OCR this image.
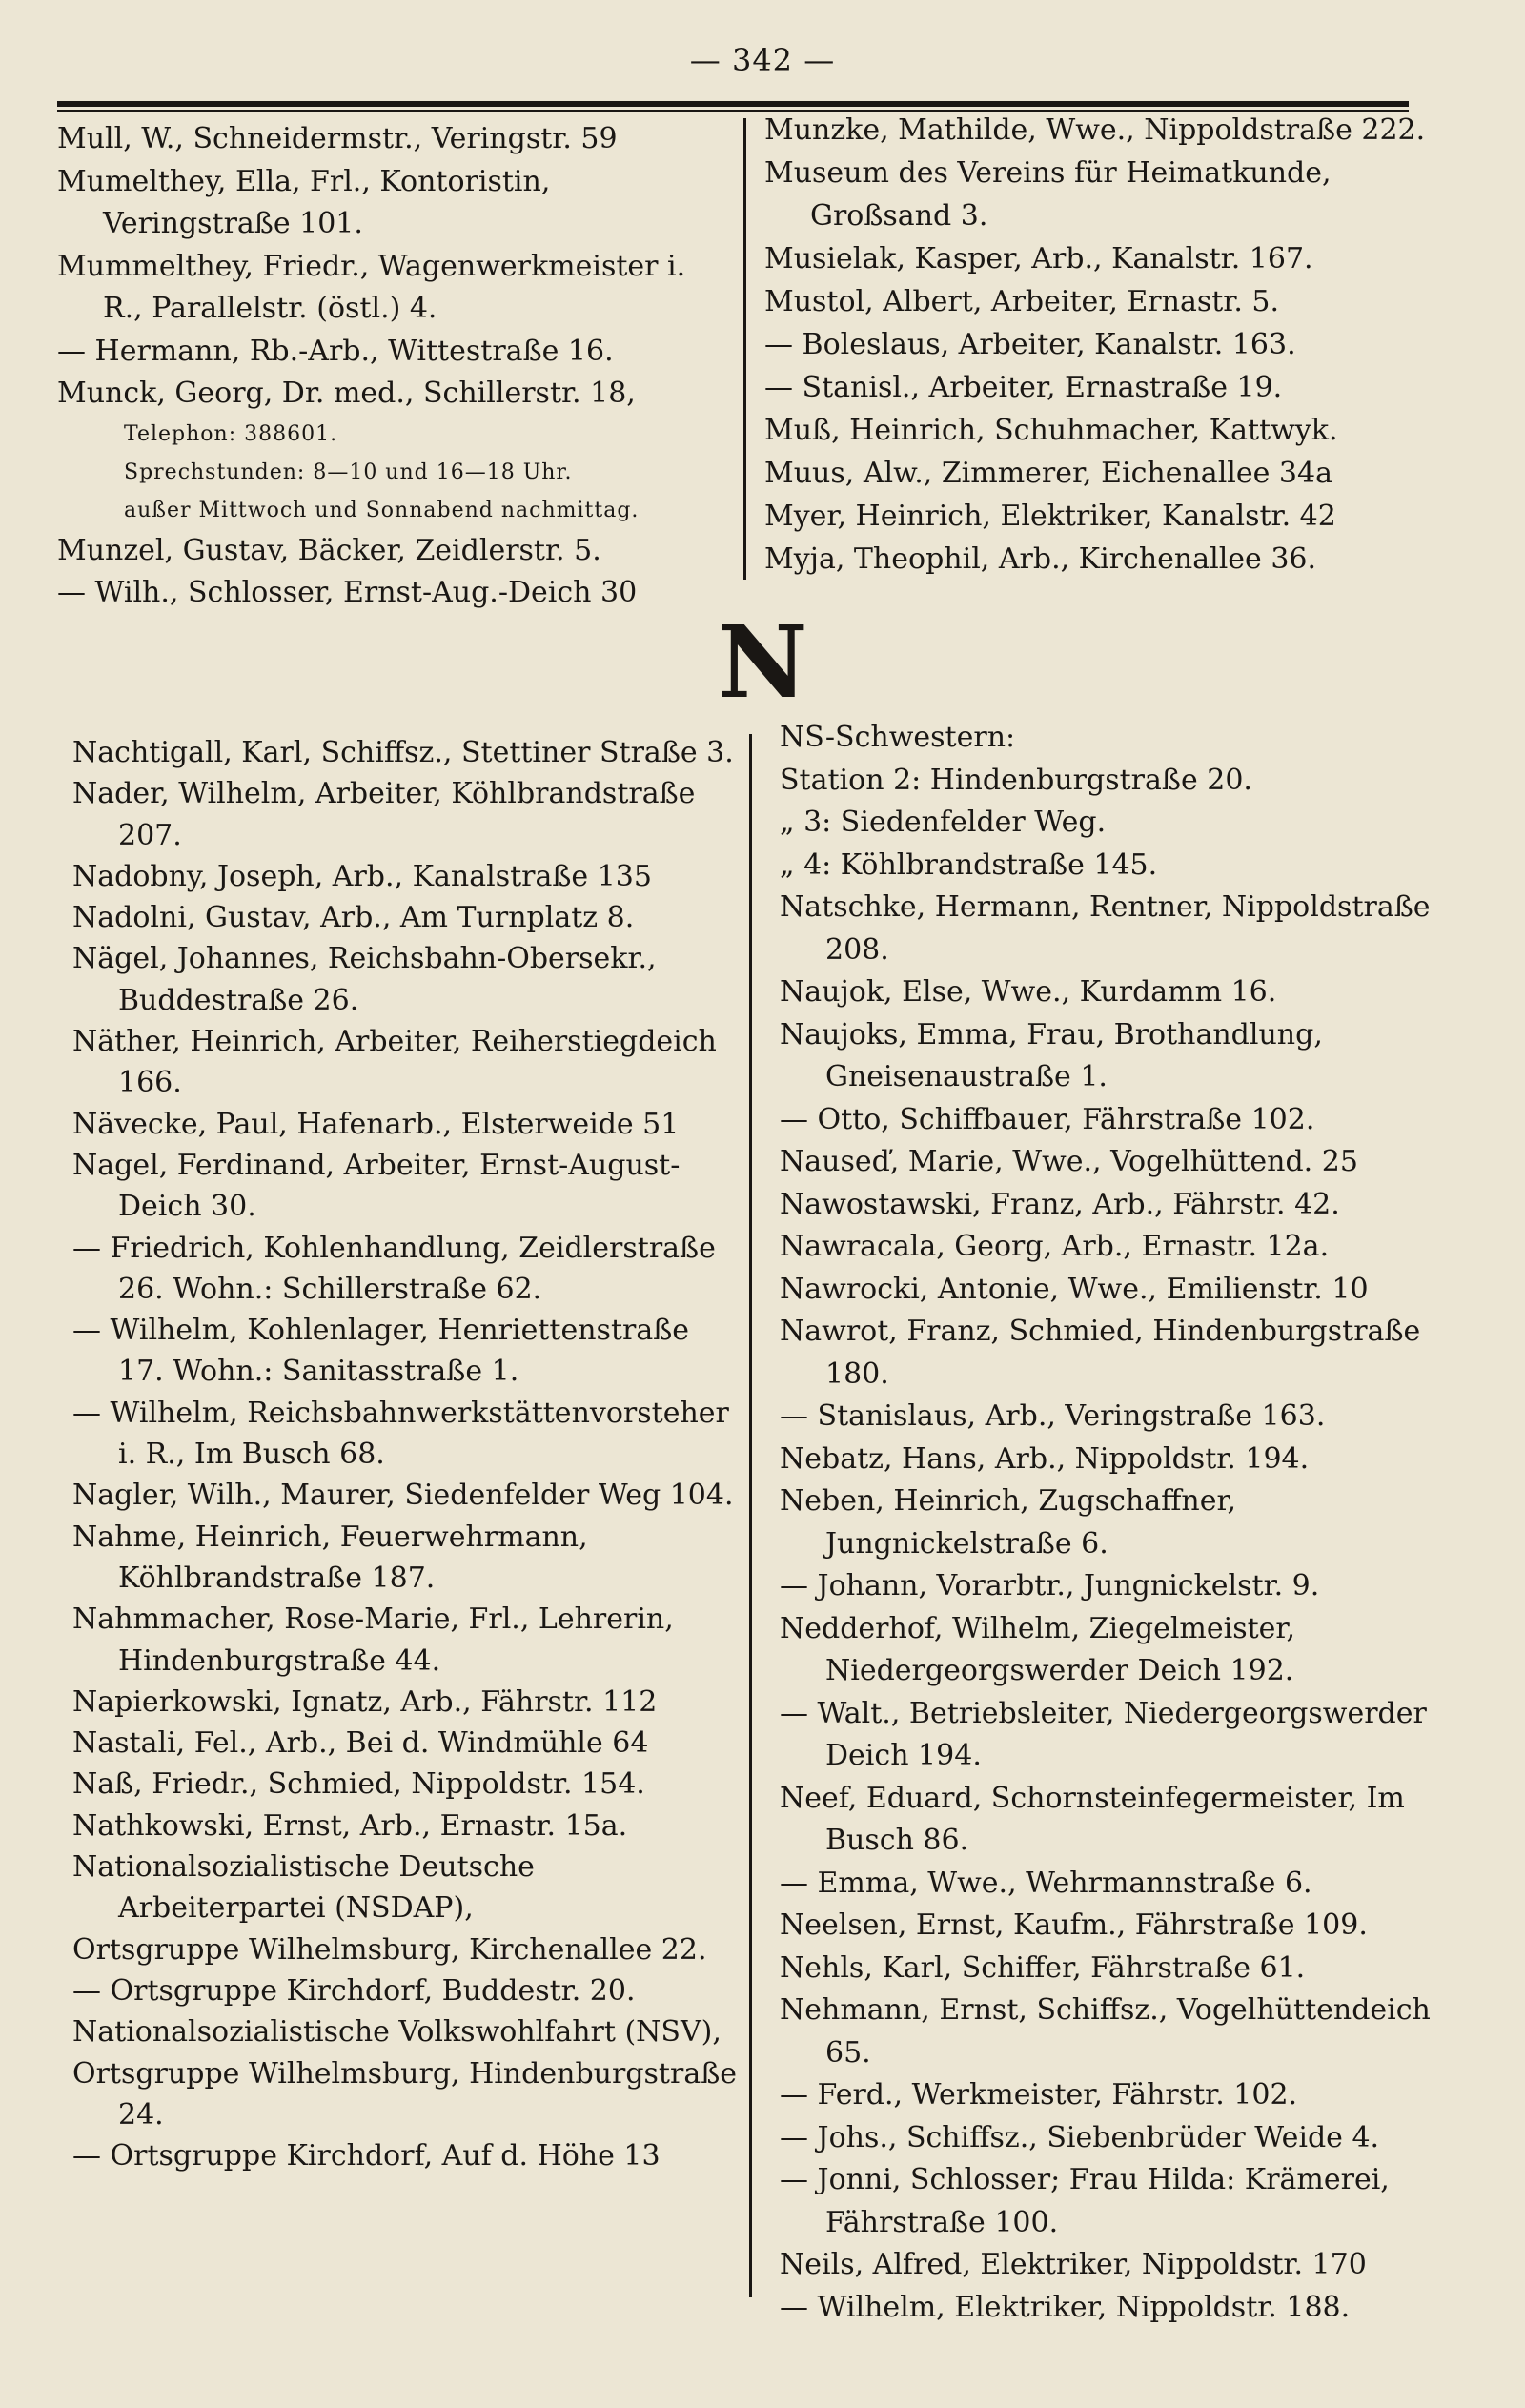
— 342 —
Mull, W., Schneidermstr., Veringstr. 59
Mumelthey, Ella, Frl., Kontoristin, Veringstraße 101.
Mummelthey, Friedr., Wagenwerkmeister i. R., Parallelstr. (östl.) 4.
— Hermann, Rb.-Arb., Wittestraße 16.
Munck, Georg, Dr. med., Schillerstr. 18,
Telephon: 388601.
Sprechstunden: 8—10 und 16—18 Uhr.
außer Mittwoch und Sonnabend nachmittag.
Munzel, Gustav, Bäcker, Zeidlerstr. 5.
— Wilh., Schlosser, Ernst-Aug.-Deich 30
Munzke, Mathilde, Wwe., Nippoldstraße 222.
Museum des Vereins für Heimatkunde, Großsand 3.
Musielak, Kasper, Arb., Kanalstr. 167.
Mustol, Albert, Arbeiter, Ernastr. 5.
— Boleslaus, Arbeiter, Kanalstr. 163.
— Stanisl., Arbeiter, Ernastraße 19.
Muß, Heinrich, Schuhmacher, Kattwyk.
Muus, Alw., Zimmerer, Eichenallee 34a
Myer, Heinrich, Elektriker, Kanalstr. 42
Myja, Theophil, Arb., Kirchenallee 36.
N
Nachtigall, Karl, Schiffsz., Stettiner Straße 3.
Nader, Wilhelm, Arbeiter, Köhlbrandstraße 207.
Nadobny, Joseph, Arb., Kanalstraße 135
Nadolni, Gustav, Arb., Am Turnplatz 8.
Nägel, Johannes, Reichsbahn-Obersekr., Buddestraße 26.
Näther, Heinrich, Arbeiter, Reiherstiegdeich 166.
Nävecke, Paul, Hafenarb., Elsterweide 51
Nagel, Ferdinand, Arbeiter, Ernst-August-Deich 30.
— Friedrich, Kohlenhandlung, Zeidlerstraße 26. Wohn.: Schillerstraße 62.
— Wilhelm, Kohlenlager, Henriettenstraße 17. Wohn.: Sanitasstraße 1.
— Wilhelm, Reichsbahnwerkstättenvorsteher i. R., Im Busch 68.
Nagler, Wilh., Maurer, Siedenfelder Weg 104.
Nahme, Heinrich, Feuerwehrmann, Köhlbrandstraße 187.
Nahmmacher, Rose-Marie, Frl., Lehrerin, Hindenburgstraße 44.
Napierkowski, Ignatz, Arb., Fährstr. 112
Nastali, Fel., Arb., Bei d. Windmühle 64
Naß, Friedr., Schmied, Nippoldstr. 154.
Nathkowski, Ernst, Arb., Ernastr. 15a.
Nationalsozialistische Deutsche Arbeiterpartei (NSDAP),
Ortsgruppe Wilhelmsburg, Kirchenallee 22.
— Ortsgruppe Kirchdorf, Buddestr. 20.
Nationalsozialistische Volkswohlfahrt (NSV),
Ortsgruppe Wilhelmsburg, Hindenburgstraße 24.
— Ortsgruppe Kirchdorf, Auf d. Höhe 13
NS-Schwestern:
Station 2: Hindenburgstraße 20.
„ 3: Siedenfelder Weg.
„ 4: Köhlbrandstraße 145.
Natschke, Hermann, Rentner, Nippoldstraße 208.
Naujok, Else, Wwe., Kurdamm 16.
Naujoks, Emma, Frau, Brothandlung, Gneisenaustraße 1.
— Otto, Schiffbauer, Fährstraße 102.
Nauseď, Marie, Wwe., Vogelhüttend. 25
Nawostawski, Franz, Arb., Fährstr. 42.
Nawracala, Georg, Arb., Ernastr. 12a.
Nawrocki, Antonie, Wwe., Emilienstr. 10
Nawrot, Franz, Schmied, Hindenburgstraße 180.
— Stanislaus, Arb., Veringstraße 163.
Nebatz, Hans, Arb., Nippoldstr. 194.
Neben, Heinrich, Zugschaffner, Jungnickelstraße 6.
— Johann, Vorarbtr., Jungnickelstr. 9.
Nedderhof, Wilhelm, Ziegelmeister, Niedergeorgswerder Deich 192.
— Walt., Betriebsleiter, Niedergeorgswerder Deich 194.
Neef, Eduard, Schornsteinfegermeister, Im Busch 86.
— Emma, Wwe., Wehrmannstraße 6.
Neelsen, Ernst, Kaufm., Fährstraße 109.
Nehls, Karl, Schiffer, Fährstraße 61.
Nehmann, Ernst, Schiffsz., Vogelhüttendeich 65.
— Ferd., Werkmeister, Fährstr. 102.
— Johs., Schiffsz., Siebenbrüder Weide 4.
— Jonni, Schlosser; Frau Hilda: Krämerei, Fährstraße 100.
Neils, Alfred, Elektriker, Nippoldstr. 170
— Wilhelm, Elektriker, Nippoldstr. 188.
